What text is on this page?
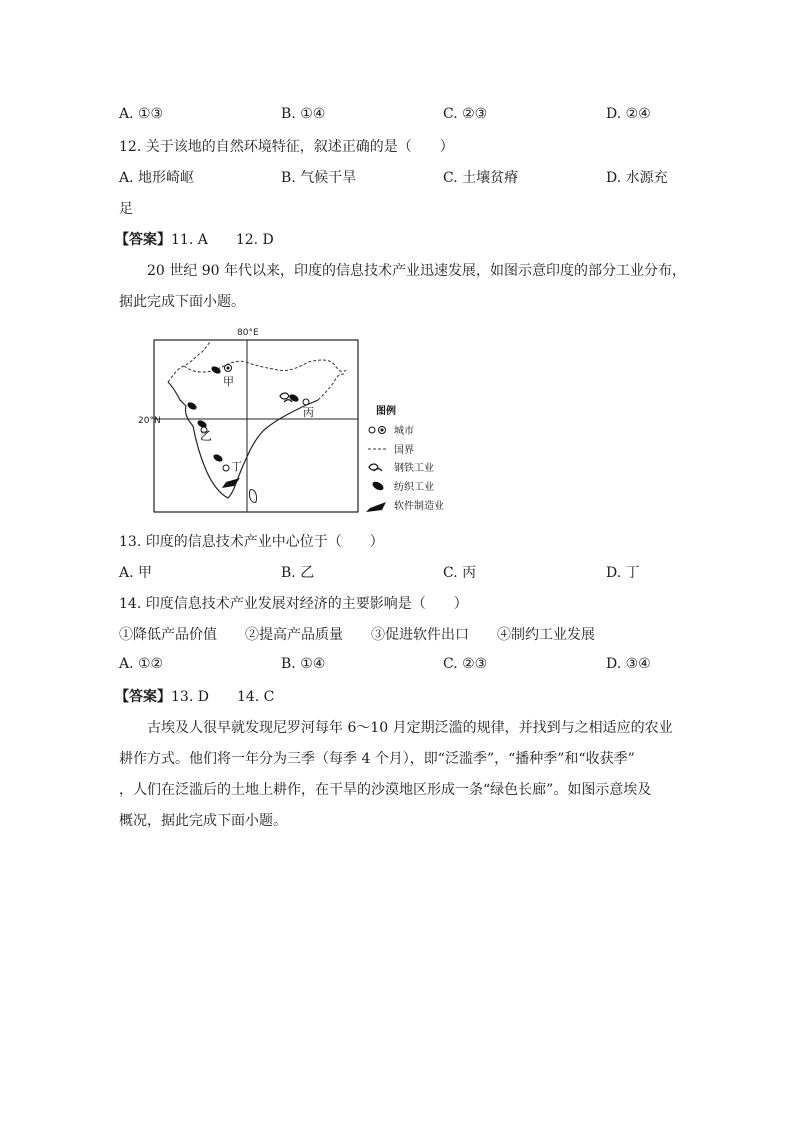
A. ①③	B. ①④	C. ②③	D. ②④
12. 关于该地的自然环境特征，叙述正确的是（　　）
A. 地形崎岖	B. 气候干旱	C. 土壤贫瘠	D. 水源充
足
【答案】11. A　　12. D
20 世纪 90 年代以来，印度的信息技术产业迅速发展，如图示意印度的部分工业分布，
据此完成下面小题。
80°E
20°N
甲
乙
丙
丁
图例
城市
国界
钢铁工业
纺织工业
软件制造业
13. 印度的信息技术产业中心位于（　　）
A. 甲	B. 乙	C. 丙	D. 丁
14. 印度信息技术产业发展对经济的主要影响是（　　）
①降低产品价值 ②提高产品质量 ③促进软件出口 ④制约工业发展
A. ①②	B. ①④	C. ②③	D. ③④
【答案】13. D　　14. C
古埃及人很早就发现尼罗河每年 6～10 月定期泛滥的规律，并找到与之相适应的农业
耕作方式。他们将一年分为三季（每季 4 个月），即“泛滥季”，“播种季”和“收获季”
，人们在泛滥后的土地上耕作，在干旱的沙漠地区形成一条“绿色长廊”。如图示意埃及
概况，据此完成下面小题。
